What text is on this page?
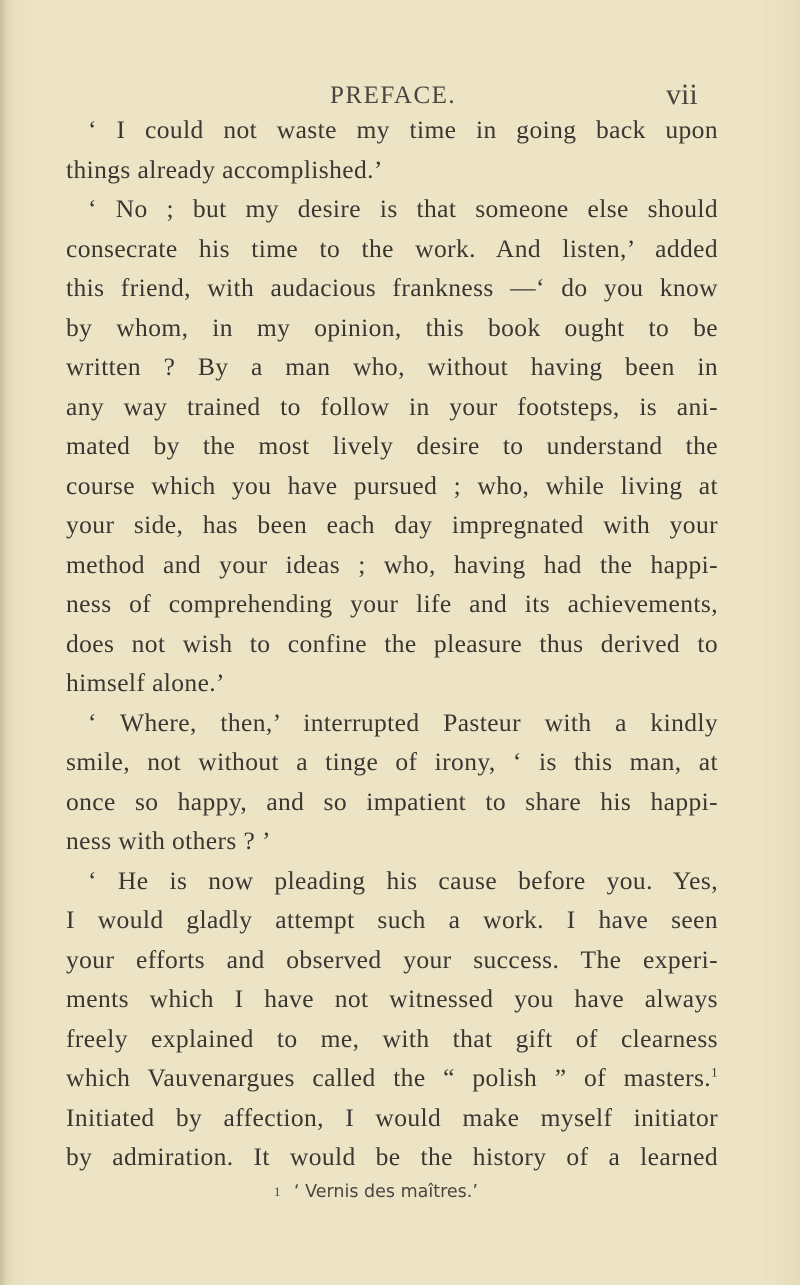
PREFACE.	vii
‘ I could not waste my time in going back upon
things already accomplished.’
‘ No ; but my desire is that someone else should
consecrate his time to the work. And listen,’ added
this friend, with audacious frankness —‘ do you know
by whom, in my opinion, this book ought to be
written ? By a man who, without having been in
any way trained to follow in your footsteps, is ani-
mated by the most lively desire to understand the
course which you have pursued ; who, while living at
your side, has been each day impregnated with your
method and your ideas ; who, having had the happi-
ness of comprehending your life and its achievements,
does not wish to confine the pleasure thus derived to
himself alone.’
‘ Where, then,’ interrupted Pasteur with a kindly
smile, not without a tinge of irony, ‘ is this man, at
once so happy, and so impatient to share his happi-
ness with others ? ’
‘ He is now pleading his cause before you. Yes,
I would gladly attempt such a work. I have seen
your efforts and observed your success. The experi-
ments which I have not witnessed you have always
freely explained to me, with that gift of clearness
which Vauvenargues called the “ polish ” of masters.$^1$
Initiated by affection, I would make myself initiator
by admiration. It would be the history of a learned
1 ‘ Vernis des maîtres.’
